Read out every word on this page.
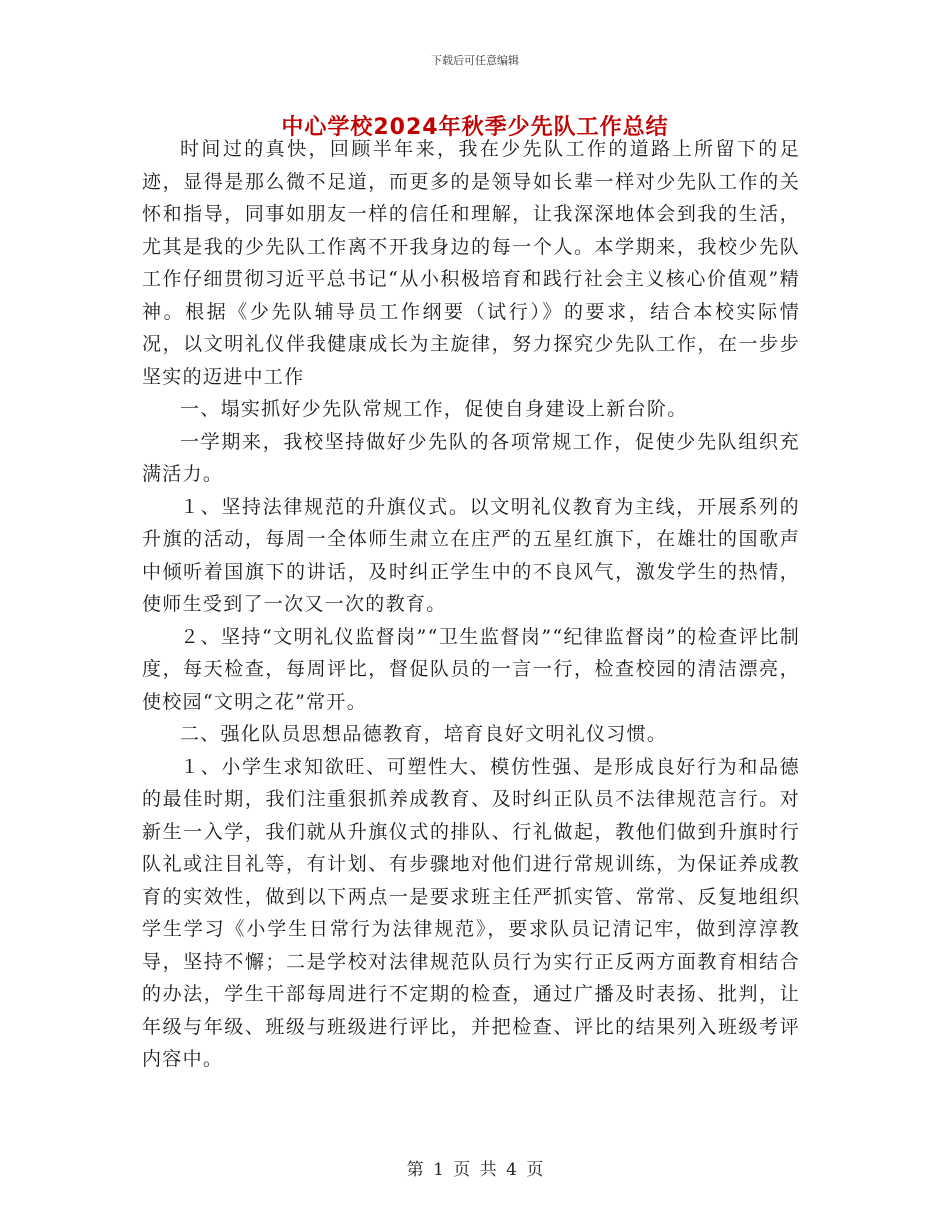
下载后可任意编辑
中心学校2024年秋季少先队工作总结

时间过的真快，回顾半年来，我在少先队工作的道路上所留下的足迹，显得是那么微不足道，而更多的是领导如长辈一样对少先队工作的关怀和指导，同事如朋友一样的信任和理解，让我深深地体会到我的生活，尤其是我的少先队工作离不开我身边的每一个人。本学期来，我校少先队工作仔细贯彻习近平总书记“从小积极培育和践行社会主义核心价值观”精神。根据《少先队辅导员工作纲要（试行）》的要求，结合本校实际情况，以文明礼仪伴我健康成长为主旋律，努力探究少先队工作，在一步步坚实的迈进中工作

一、塌实抓好少先队常规工作，促使自身建设上新台阶。

一学期来，我校坚持做好少先队的各项常规工作，促使少先队组织充满活力。

１、坚持法律规范的升旗仪式。以文明礼仪教育为主线，开展系列的升旗的活动，每周一全体师生肃立在庄严的五星红旗下，在雄壮的国歌声中倾听着国旗下的讲话，及时纠正学生中的不良风气，激发学生的热情，使师生受到了一次又一次的教育。

２、坚持“文明礼仪监督岗”“卫生监督岗”“纪律监督岗”的检查评比制度，每天检查，每周评比，督促队员的一言一行，检查校园的清洁漂亮，使校园“文明之花”常开。

二、强化队员思想品德教育，培育良好文明礼仪习惯。

１、小学生求知欲旺、可塑性大、模仿性强、是形成良好行为和品德的最佳时期，我们注重狠抓养成教育、及时纠正队员不法律规范言行。对新生一入学，我们就从升旗仪式的排队、行礼做起，教他们做到升旗时行队礼或注目礼等，有计划、有步骤地对他们进行常规训练，为保证养成教育的实效性，做到以下两点一是要求班主任严抓实管、常常、反复地组织学生学习《小学生日常行为法律规范》，要求队员记清记牢，做到淳淳教导，坚持不懈；二是学校对法律规范队员行为实行正反两方面教育相结合的办法，学生干部每周进行不定期的检查，通过广播及时表扬、批判，让年级与年级、班级与班级进行评比，并把检查、评比的结果列入班级考评内容中。

第 1 页 共 4 页
